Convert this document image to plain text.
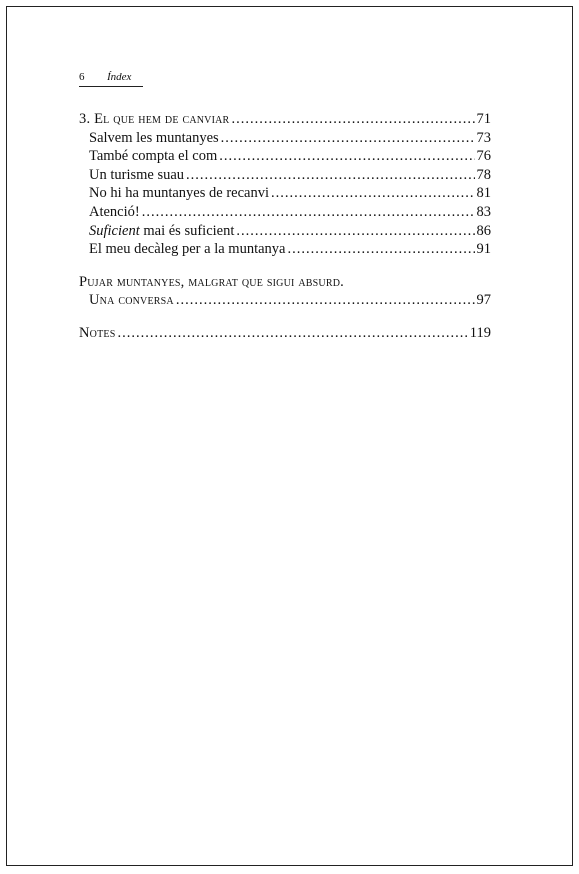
6 Índex
3. El que hem de canviar .....	71
Salvem les muntanyes .....	73
També compta el com .....	76
Un turisme suau .....	78
No hi ha muntanyes de recanvi .....	81
Atenció! .....	83
Suficient mai és suficient .....	86
El meu decàleg per a la muntanya .....	91
Pujar muntanyes, malgrat que sigui absurd.
Una conversa .....	97
Notes .....	119
